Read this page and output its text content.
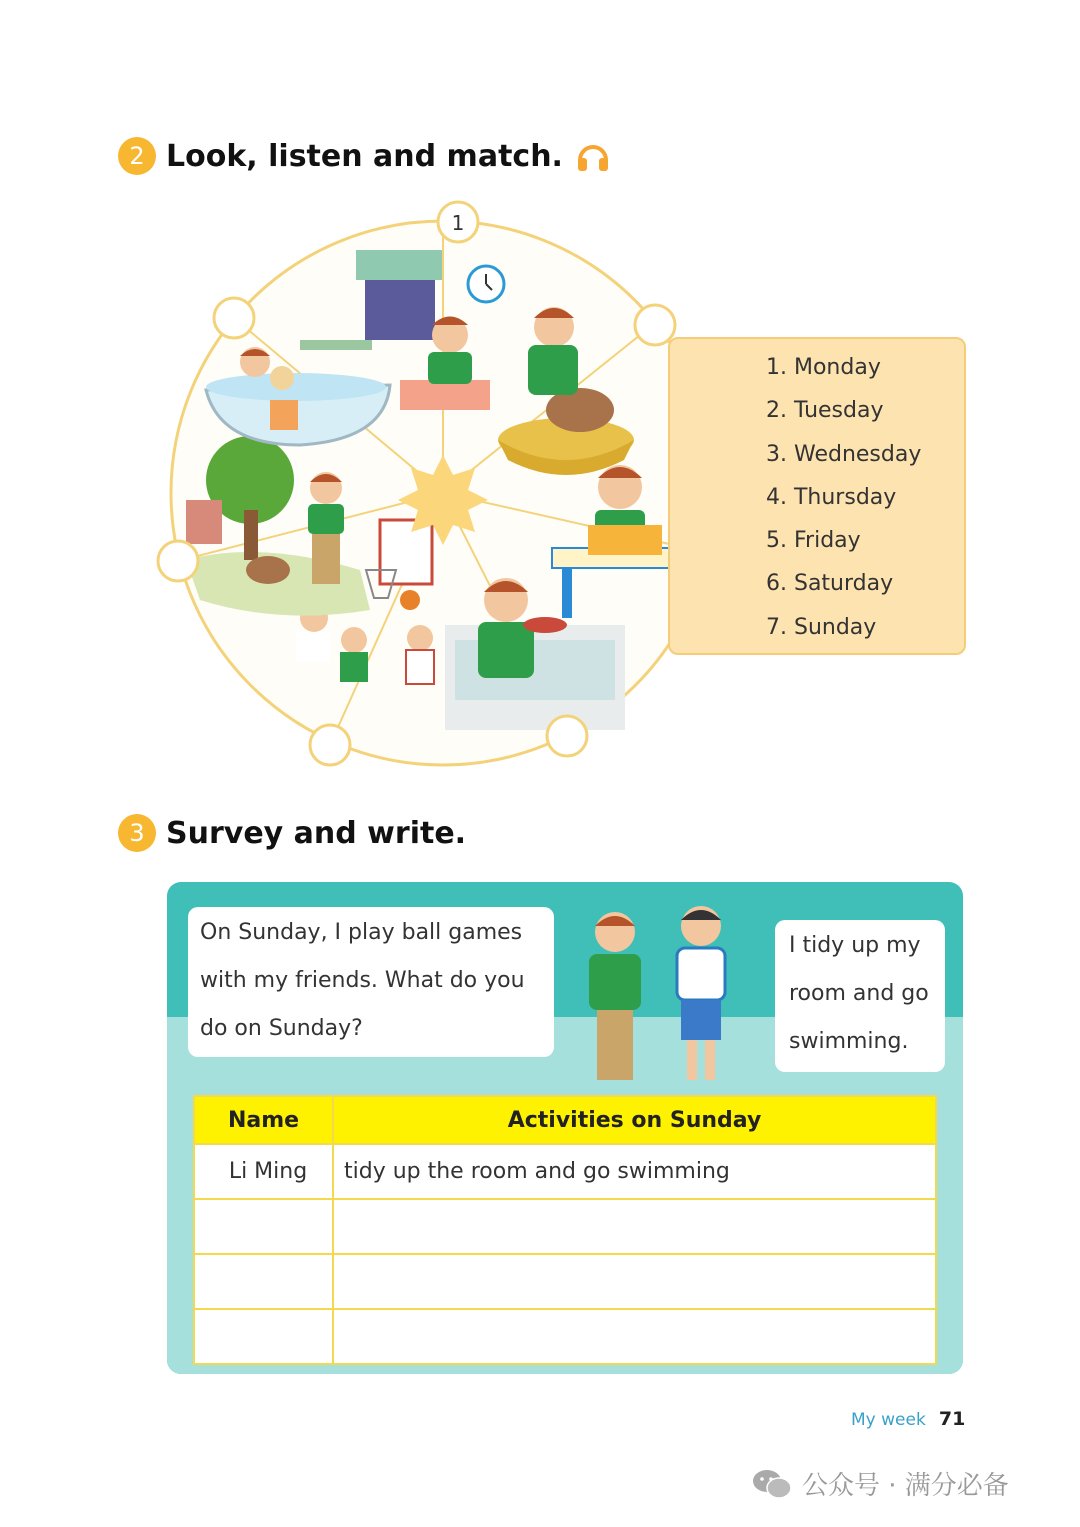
2 Look, listen and match.
1
1. Monday
2. Tuesday
3. Wednesday
4. Thursday
5. Friday
6. Saturday
7. Sunday
3 Survey and write.
On Sunday, I play ball games
with my friends. What do you
do on Sunday?
I tidy up my
room and go
swimming.
Name	Activities on Sunday
Li Ming	tidy up the room and go swimming

My week 71
公众号 · 满分必备
